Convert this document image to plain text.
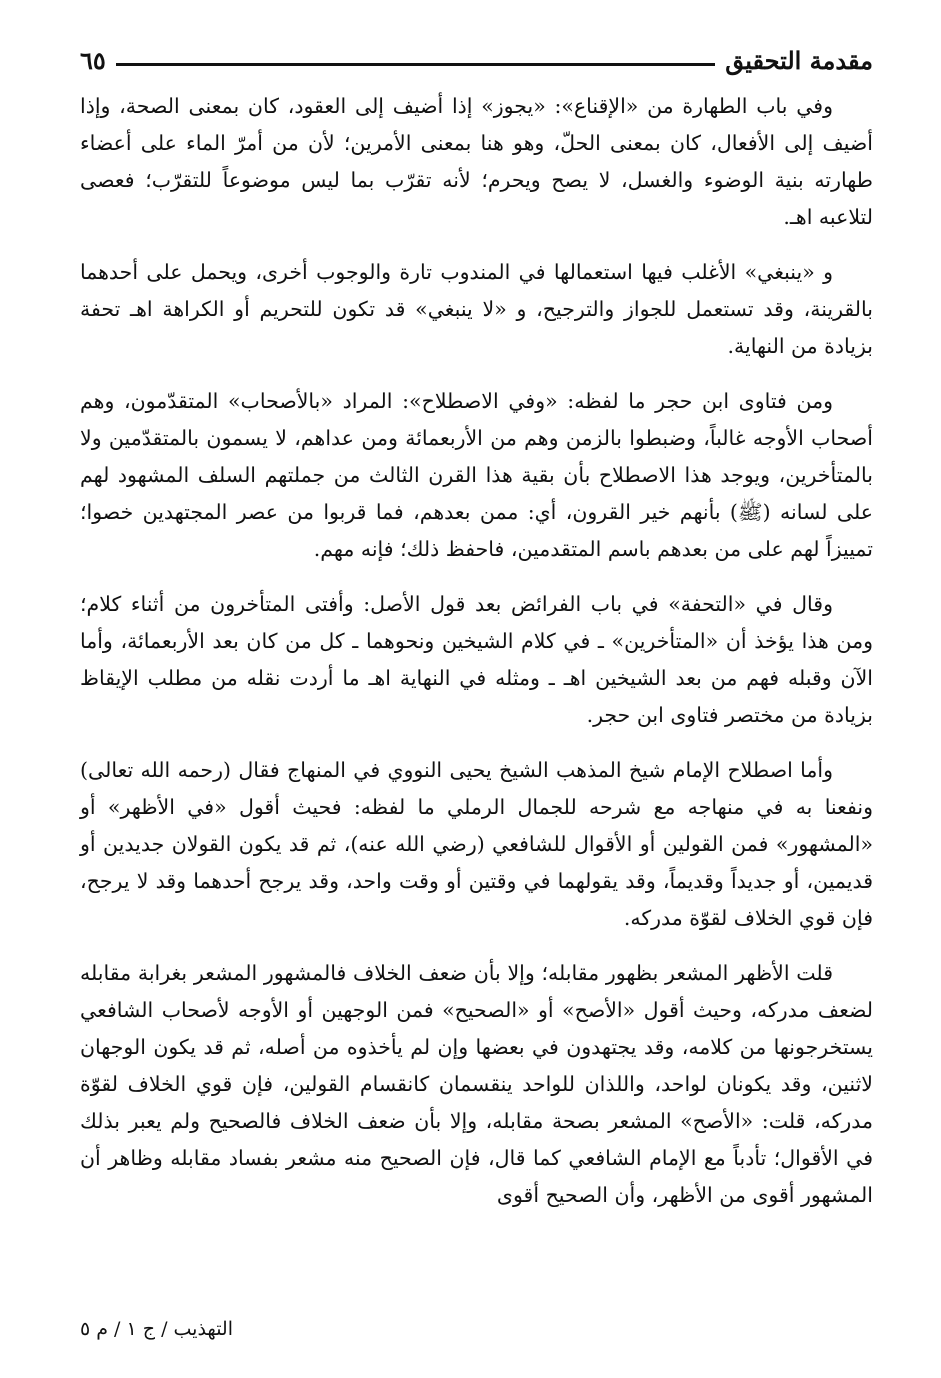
مقدمة التحقيق
٦٥

وفي باب الطهارة من «الإقناع»: «يجوز» إذا أضيف إلى العقود، كان بمعنى الصحة، وإذا أضيف إلى الأفعال، كان بمعنى الحلّ، وهو هنا بمعنى الأمرين؛ لأن من أمرّ الماء على أعضاء طهارته بنية الوضوء والغسل، لا يصح ويحرم؛ لأنه تقرّب بما ليس موضوعاً للتقرّب؛ فعصى لتلاعبه اهـ.

و «ينبغي» الأغلب فيها استعمالها في المندوب تارة والوجوب أخرى، ويحمل على أحدهما بالقرينة، وقد تستعمل للجواز والترجيح، و «لا ينبغي» قد تكون للتحريم أو الكراهة اهـ تحفة بزيادة من النهاية.

ومن فتاوى ابن حجر ما لفظه: «وفي الاصطلاح»: المراد «بالأصحاب» المتقدّمون، وهم أصحاب الأوجه غالباً، وضبطوا بالزمن وهم من الأربعمائة ومن عداهم، لا يسمون بالمتقدّمين ولا بالمتأخرين، ويوجد هذا الاصطلاح بأن بقية هذا القرن الثالث من جملتهم السلف المشهود لهم على لسانه (ﷺ) بأنهم خير القرون، أي: ممن بعدهم، فما قربوا من عصر المجتهدين خصوا؛ تمييزاً لهم على من بعدهم باسم المتقدمين، فاحفظ ذلك؛ فإنه مهم.

وقال في «التحفة» في باب الفرائض بعد قول الأصل: وأفتى المتأخرون من أثناء كلام؛ ومن هذا يؤخذ أن «المتأخرين» ـ في كلام الشيخين ونحوهما ـ كل من كان بعد الأربعمائة، وأما الآن وقبله فهم من بعد الشيخين اهـ ـ ومثله في النهاية اهـ ما أردت نقله من مطلب الإيقاظ بزيادة من مختصر فتاوى ابن حجر.

وأما اصطلاح الإمام شيخ المذهب الشيخ يحيى النووي في المنهاج فقال (رحمه الله تعالى) ونفعنا به في منهاجه مع شرحه للجمال الرملي ما لفظه: فحيث أقول «في الأظهر» أو «المشهور» فمن القولين أو الأقوال للشافعي (رضي الله عنه)، ثم قد يكون القولان جديدين أو قديمين، أو جديداً وقديماً، وقد يقولهما في وقتين أو وقت واحد، وقد يرجح أحدهما وقد لا يرجح، فإن قوي الخلاف لقوّة مدركه.

قلت الأظهر المشعر بظهور مقابله؛ وإلا بأن ضعف الخلاف فالمشهور المشعر بغرابة مقابله لضعف مدركه، وحيث أقول «الأصح» أو «الصحيح» فمن الوجهين أو الأوجه لأصحاب الشافعي يستخرجونها من كلامه، وقد يجتهدون في بعضها وإن لم يأخذوه من أصله، ثم قد يكون الوجهان لاثنين، وقد يكونان لواحد، واللذان للواحد ينقسمان كانقسام القولين، فإن قوي الخلاف لقوّة مدركه، قلت: «الأصح» المشعر بصحة مقابله، وإلا بأن ضعف الخلاف فالصحيح ولم يعبر بذلك في الأقوال؛ تأدباً مع الإمام الشافعي كما قال، فإن الصحيح منه مشعر بفساد مقابله وظاهر أن المشهور أقوى من الأظهر، وأن الصحيح أقوى

التهذيب / ج ١ / م ٥
